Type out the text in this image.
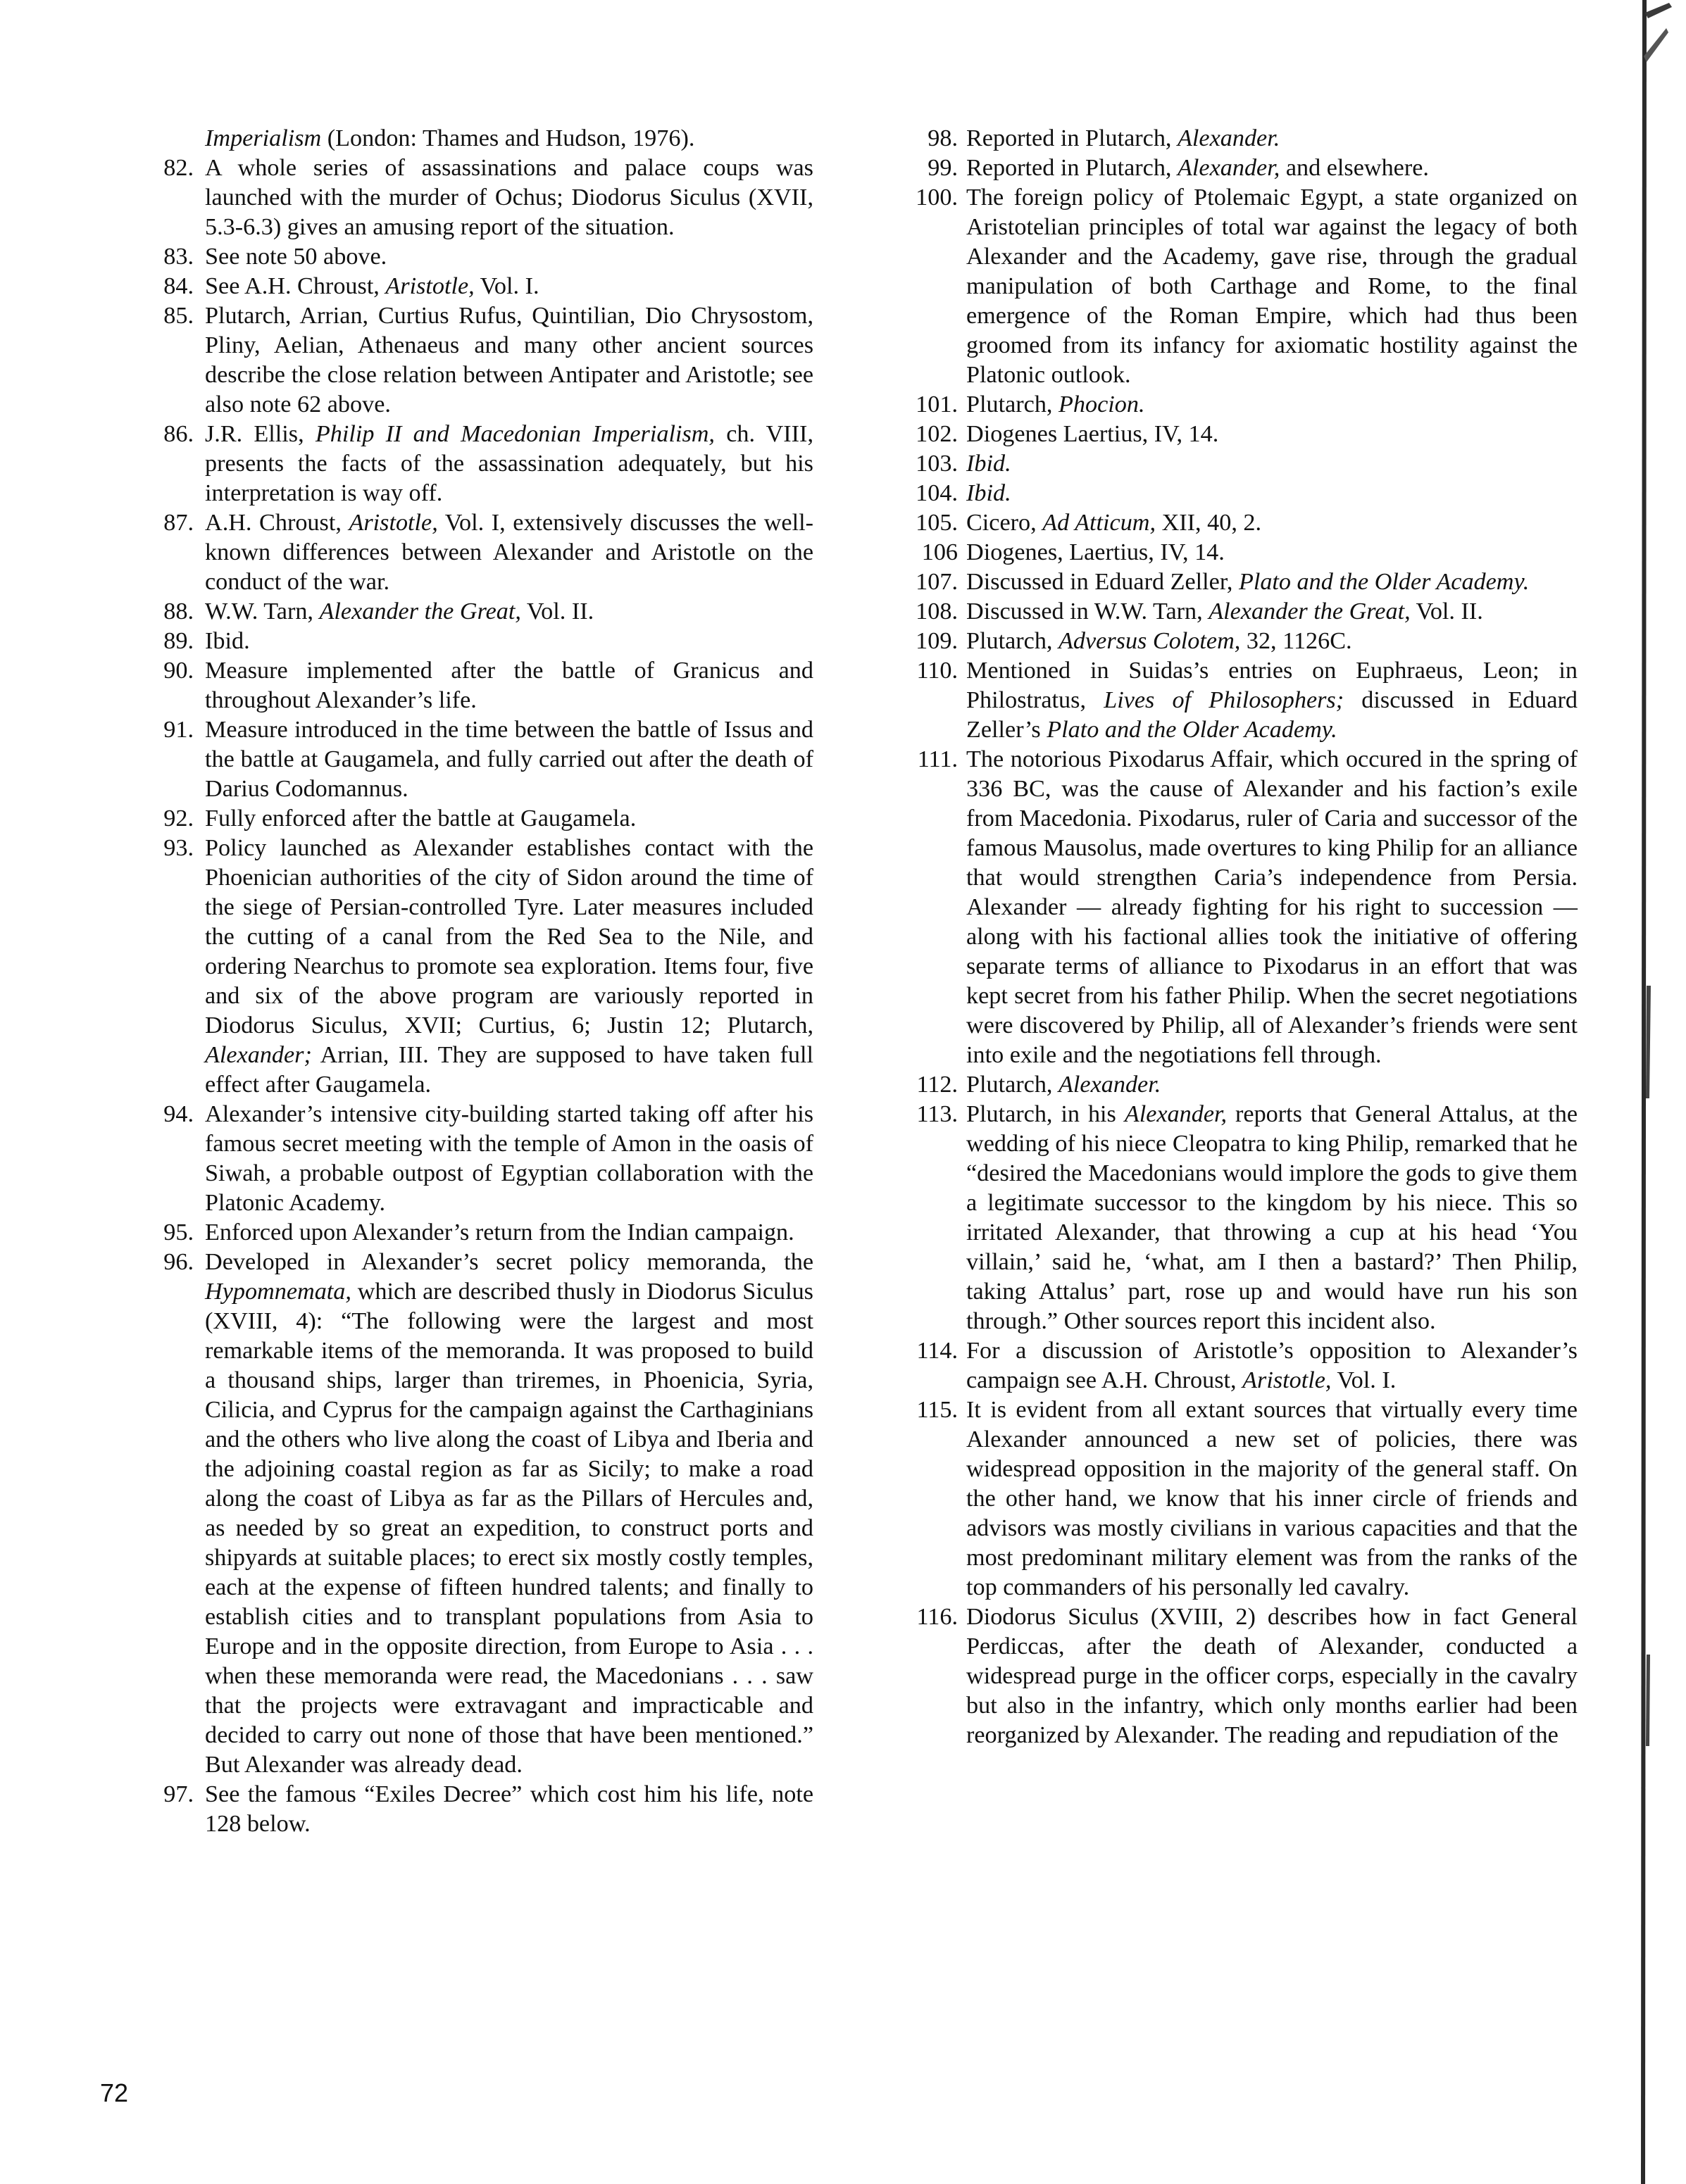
Imperialism (London: Thames and Hudson, 1976).
82. A whole series of assassinations and palace coups was launched with the murder of Ochus; Diodorus Siculus (XVII, 5.3-6.3) gives an amusing report of the situation.
83. See note 50 above.
84. See A.H. Chroust, Aristotle, Vol. I.
85. Plutarch, Arrian, Curtius Rufus, Quintilian, Dio Chrysostom, Pliny, Aelian, Athenaeus and many other ancient sources describe the close relation between Antipater and Aristotle; see also note 62 above.
86. J.R. Ellis, Philip II and Macedonian Imperialism, ch. VIII, presents the facts of the assassination adequately, but his interpretation is way off.
87. A.H. Chroust, Aristotle, Vol. I, extensively discusses the well-known differences between Alexander and Aristotle on the conduct of the war.
88. W.W. Tarn, Alexander the Great, Vol. II.
89. Ibid.
90. Measure implemented after the battle of Granicus and throughout Alexander’s life.
91. Measure introduced in the time between the battle of Issus and the battle at Gaugamela, and fully carried out after the death of Darius Codomannus.
92. Fully enforced after the battle at Gaugamela.
93. Policy launched as Alexander establishes contact with the Phoenician authorities of the city of Sidon around the time of the siege of Persian-controlled Tyre. Later measures included the cutting of a canal from the Red Sea to the Nile, and ordering Nearchus to promote sea exploration. Items four, five and six of the above program are variously reported in Diodorus Siculus, XVII; Curtius, 6; Justin 12; Plutarch, Alexander; Arrian, III. They are supposed to have taken full effect after Gaugamela.
94. Alexander’s intensive city-building started taking off after his famous secret meeting with the temple of Amon in the oasis of Siwah, a probable outpost of Egyptian collaboration with the Platonic Academy.
95. Enforced upon Alexander’s return from the Indian campaign.
96. Developed in Alexander’s secret policy memoranda, the Hypomnemata, which are described thusly in Diodorus Siculus (XVIII, 4): “The following were the largest and most remarkable items of the memoranda. It was proposed to build a thousand ships, larger than triremes, in Phoenicia, Syria, Cilicia, and Cyprus for the campaign against the Carthaginians and the others who live along the coast of Libya and Iberia and the adjoining coastal region as far as Sicily; to make a road along the coast of Libya as far as the Pillars of Hercules and, as needed by so great an expedition, to construct ports and shipyards at suitable places; to erect six mostly costly temples, each at the expense of fifteen hundred talents; and finally to establish cities and to transplant populations from Asia to Europe and in the opposite direction, from Europe to Asia . . . when these memoranda were read, the Macedonians . . . saw that the projects were extravagant and impracticable and decided to carry out none of those that have been mentioned.” But Alexander was already dead.
97. See the famous “Exiles Decree” which cost him his life, note 128 below.
98. Reported in Plutarch, Alexander.
99. Reported in Plutarch, Alexander, and elsewhere.
100. The foreign policy of Ptolemaic Egypt, a state organized on Aristotelian principles of total war against the legacy of both Alexander and the Academy, gave rise, through the gradual manipulation of both Carthage and Rome, to the final emergence of the Roman Empire, which had thus been groomed from its infancy for axiomatic hostility against the Platonic outlook.
101. Plutarch, Phocion.
102. Diogenes Laertius, IV, 14.
103. Ibid.
104. Ibid.
105. Cicero, Ad Atticum, XII, 40, 2.
106 Diogenes, Laertius, IV, 14.
107. Discussed in Eduard Zeller, Plato and the Older Academy.
108. Discussed in W.W. Tarn, Alexander the Great, Vol. II.
109. Plutarch, Adversus Colotem, 32, 1126C.
110. Mentioned in Suidas’s entries on Euphraeus, Leon; in Philostratus, Lives of Philosophers; discussed in Eduard Zeller’s Plato and the Older Academy.
111. The notorious Pixodarus Affair, which occured in the spring of 336 BC, was the cause of Alexander and his faction’s exile from Macedonia. Pixodarus, ruler of Caria and successor of the famous Mausolus, made overtures to king Philip for an alliance that would strengthen Caria’s independence from Persia. Alexander — already fighting for his right to succession — along with his factional allies took the initiative of offering separate terms of alliance to Pixodarus in an effort that was kept secret from his father Philip. When the secret negotiations were discovered by Philip, all of Alexander’s friends were sent into exile and the negotiations fell through.
112. Plutarch, Alexander.
113. Plutarch, in his Alexander, reports that General Attalus, at the wedding of his niece Cleopatra to king Philip, remarked that he “desired the Macedonians would implore the gods to give them a legitimate successor to the kingdom by his niece. This so irritated Alexander, that throwing a cup at his head ‘You villain,’ said he, ‘what, am I then a bastard?’ Then Philip, taking Attalus’ part, rose up and would have run his son through.” Other sources report this incident also.
114. For a discussion of Aristotle’s opposition to Alexander’s campaign see A.H. Chroust, Aristotle, Vol. I.
115. It is evident from all extant sources that virtually every time Alexander announced a new set of policies, there was widespread opposition in the majority of the general staff. On the other hand, we know that his inner circle of friends and advisors was mostly civilians in various capacities and that the most predominant military element was from the ranks of the top commanders of his personally led cavalry.
116. Diodorus Siculus (XVIII, 2) describes how in fact General Perdiccas, after the death of Alexander, conducted a widespread purge in the officer corps, especially in the cavalry but also in the infantry, which only months earlier had been reorganized by Alexander. The reading and repudiation of the
72
